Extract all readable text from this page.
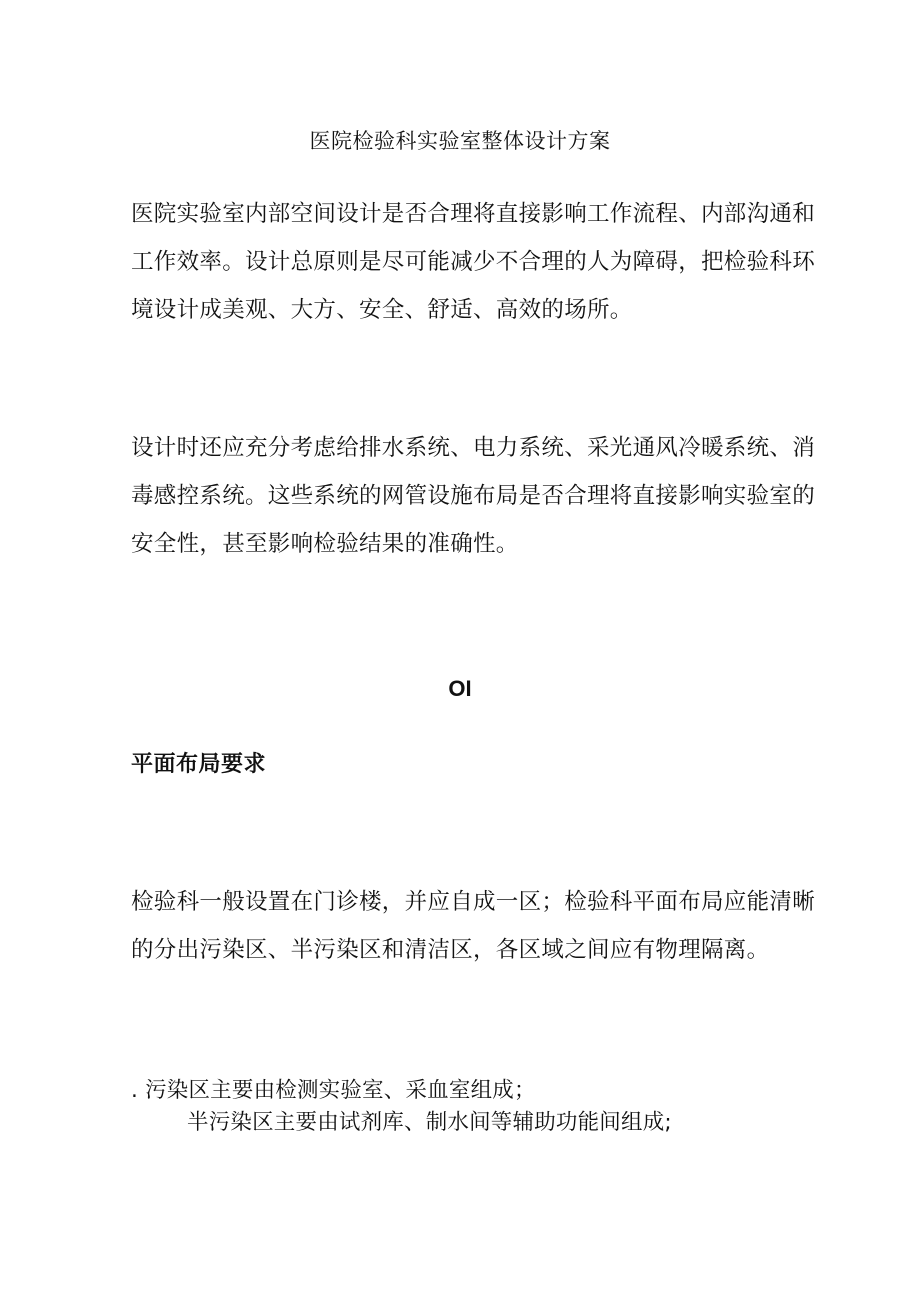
医院检验科实验室整体设计方案

医院实验室内部空间设计是否合理将直接影响工作流程、内部沟通和
工作效率。设计总原则是尽可能减少不合理的人为障碍，把检验科环
境设计成美观、大方、安全、舒适、高效的场所。

设计时还应充分考虑给排水系统、电力系统、采光通风冷暖系统、消
毒感控系统。这些系统的网管设施布局是否合理将直接影响实验室的
安全性，甚至影响检验结果的准确性。

OI
平面布局要求

检验科一般设置在门诊楼，并应自成一区；检验科平面布局应能清晰
的分出污染区、半污染区和清洁区，各区域之间应有物理隔离。

. 污染区主要由检测实验室、采血室组成；
半污染区主要由试剂库、制水间等辅助功能间组成;
